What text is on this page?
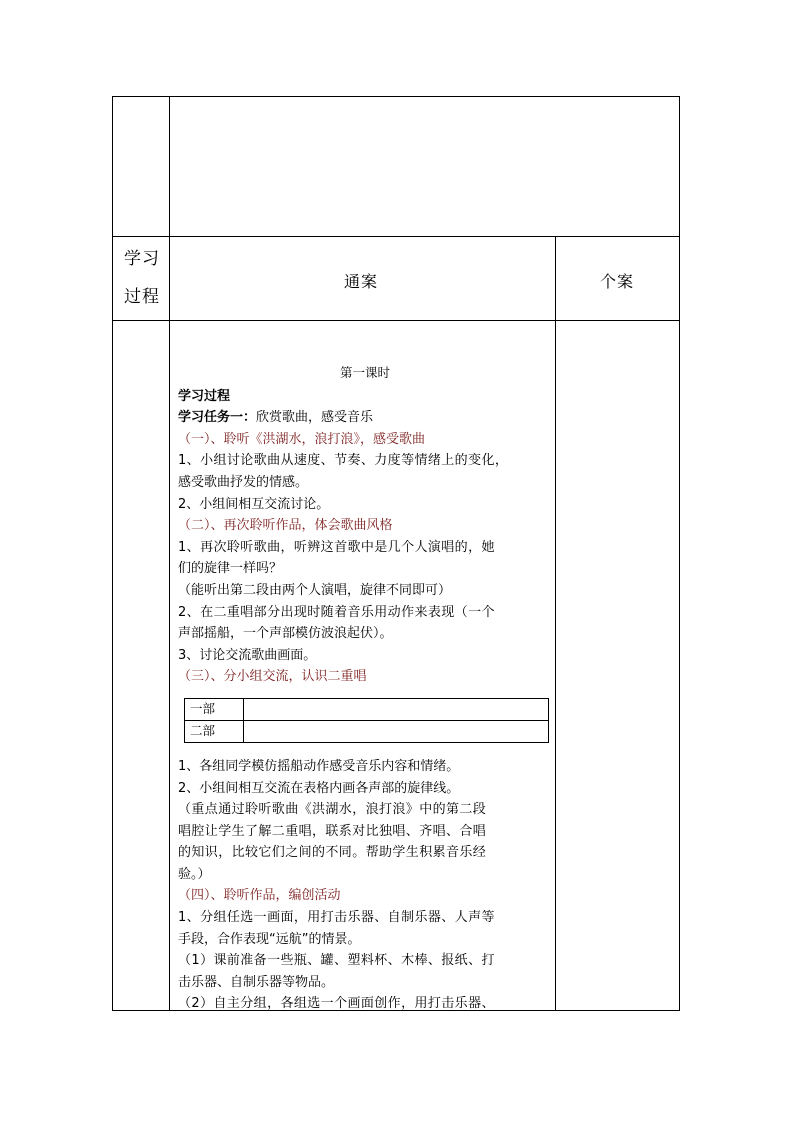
学习
过程
通案	个案

第一课时

学习过程

学习任务一：欣赏歌曲，感受音乐

（一）、聆听《洪湖水，浪打浪》，感受歌曲

1、小组讨论歌曲从速度、节奏、力度等情绪上的变化，

感受歌曲抒发的情感。

2、小组间相互交流讨论。

（二）、再次聆听作品，体会歌曲风格

1、再次聆听歌曲，听辨这首歌中是几个人演唱的，她

们的旋律一样吗？

（能听出第二段由两个人演唱，旋律不同即可）

2、在二重唱部分出现时随着音乐用动作来表现（一个

声部摇船，一个声部模仿波浪起伏）。

3、讨论交流歌曲画面。

（三）、分小组交流，认识二重唱

一部
二部

1、各组同学模仿摇船动作感受音乐内容和情绪。

2、小组间相互交流在表格内画各声部的旋律线。

（重点通过聆听歌曲《洪湖水，浪打浪》中的第二段

唱腔让学生了解二重唱，联系对比独唱、齐唱、合唱

的知识，比较它们之间的不同。帮助学生积累音乐经

验。）

（四）、聆听作品，编创活动

1、分组任选一画面，用打击乐器、自制乐器、人声等

手段，合作表现“远航”的情景。

（1）课前准备一些瓶、罐、塑料杯、木棒、报纸、打

击乐器、自制乐器等物品。

（2）自主分组，各组选一个画面创作，用打击乐器、
